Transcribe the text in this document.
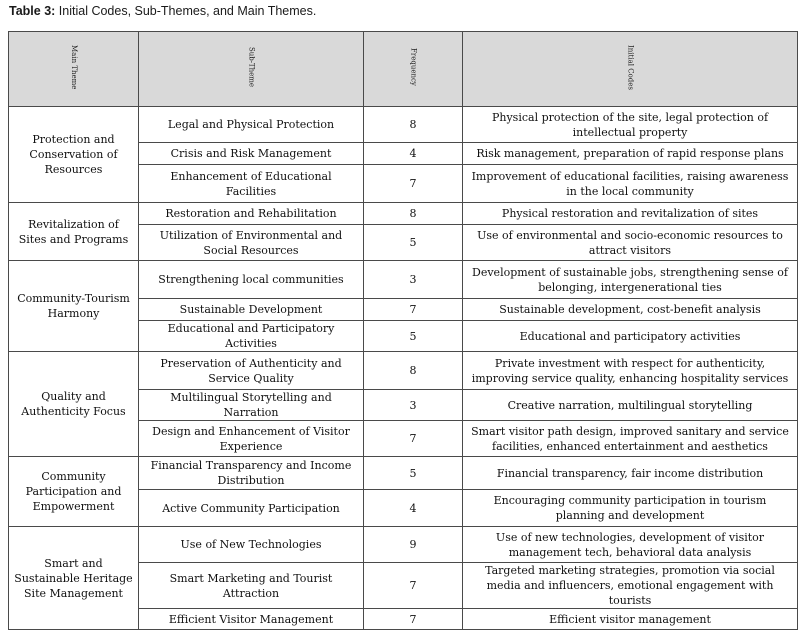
Table 3: Initial Codes, Sub-Themes, and Main Themes.
Main Theme	Sub-Theme	Frequency	Initial Codes
Protection and Conservation of Resources	Legal and Physical Protection	8	Physical protection of the site, legal protection of intellectual property
	Crisis and Risk Management	4	Risk management, preparation of rapid response plans
	Enhancement of Educational Facilities	7	Improvement of educational facilities, raising awareness in the local community
Revitalization of Sites and Programs	Restoration and Rehabilitation	8	Physical restoration and revitalization of sites
	Utilization of Environmental and Social Resources	5	Use of environmental and socio-economic resources to attract visitors
Community-Tourism Harmony	Strengthening local communities	3	Development of sustainable jobs, strengthening sense of belonging, intergenerational ties
	Sustainable Development	7	Sustainable development, cost-benefit analysis
	Educational and Participatory Activities	5	Educational and participatory activities
Quality and Authenticity Focus	Preservation of Authenticity and Service Quality	8	Private investment with respect for authenticity, improving service quality, enhancing hospitality services
	Multilingual Storytelling and Narration	3	Creative narration, multilingual storytelling
	Design and Enhancement of Visitor Experience	7	Smart visitor path design, improved sanitary and service facilities, enhanced entertainment and aesthetics
Community Participation and Empowerment	Financial Transparency and Income Distribution	5	Financial transparency, fair income distribution
	Active Community Participation	4	Encouraging community participation in tourism planning and development
Smart and Sustainable Heritage Site Management	Use of New Technologies	9	Use of new technologies, development of visitor management tech, behavioral data analysis
	Smart Marketing and Tourist Attraction	7	Targeted marketing strategies, promotion via social media and influencers, emotional engagement with tourists
	Efficient Visitor Management	7	Efficient visitor management
